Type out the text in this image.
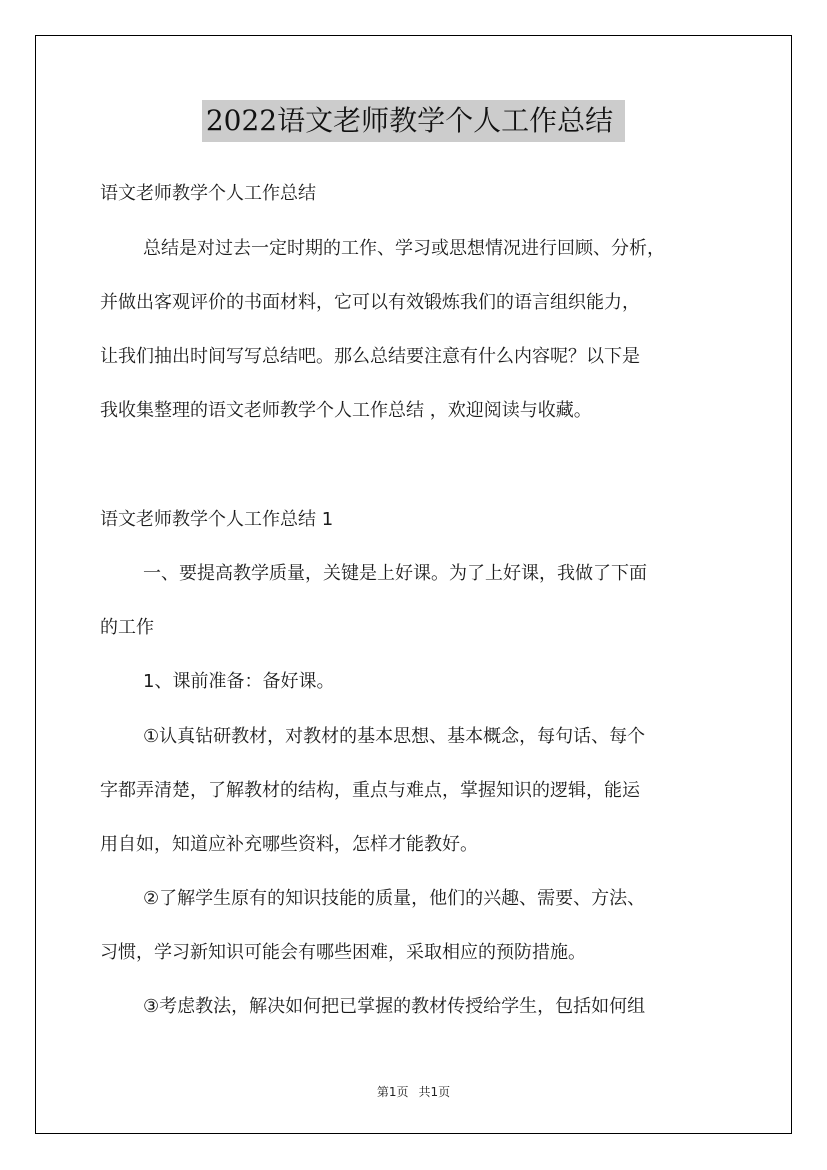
2022语文老师教学个人工作总结
语文老师教学个人工作总结
总结是对过去一定时期的工作、学习或思想情况进行回顾、分析，
并做出客观评价的书面材料，它可以有效锻炼我们的语言组织能力，
让我们抽出时间写写总结吧。那么总结要注意有什么内容呢？以下是
我收集整理的语文老师教学个人工作总结 ，欢迎阅读与收藏。
语文老师教学个人工作总结 1
一、要提高教学质量，关键是上好课。为了上好课，我做了下面
的工作
1、课前准备：备好课。
①认真钻研教材，对教材的基本思想、基本概念，每句话、每个
字都弄清楚，了解教材的结构，重点与难点，掌握知识的逻辑，能运
用自如，知道应补充哪些资料，怎样才能教好。
②了解学生原有的知识技能的质量，他们的兴趣、需要、方法、
习惯，学习新知识可能会有哪些困难，采取相应的预防措施。
③考虑教法，解决如何把已掌握的教材传授给学生，包括如何组
第1页 共1页
